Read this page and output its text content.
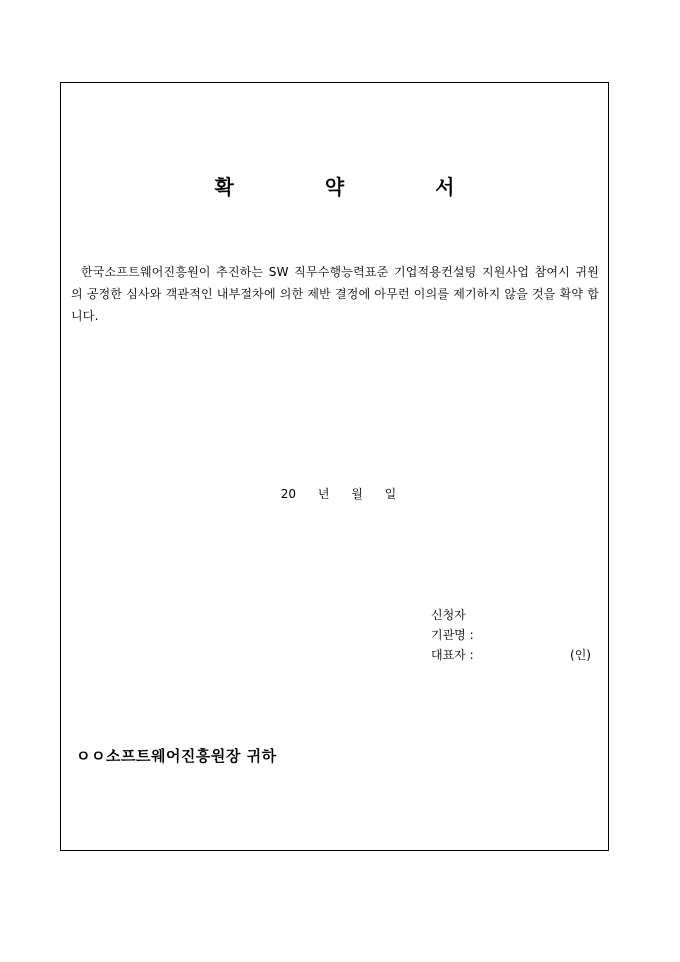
확 약 서

한국소프트웨어진흥원이 추진하는 SW 직무수행능력표준 기업적용컨설팅 지원사업 참여시 귀원의 공정한 심사와 객관적인 내부절차에 의한 제반 결정에 아무런 이의를 제기하지 않을 것을 확약 합니다.

20 년 월 일
신청자
기관명 :
대표자 :	(인)
ㅇㅇ소프트웨어진흥원장 귀하
